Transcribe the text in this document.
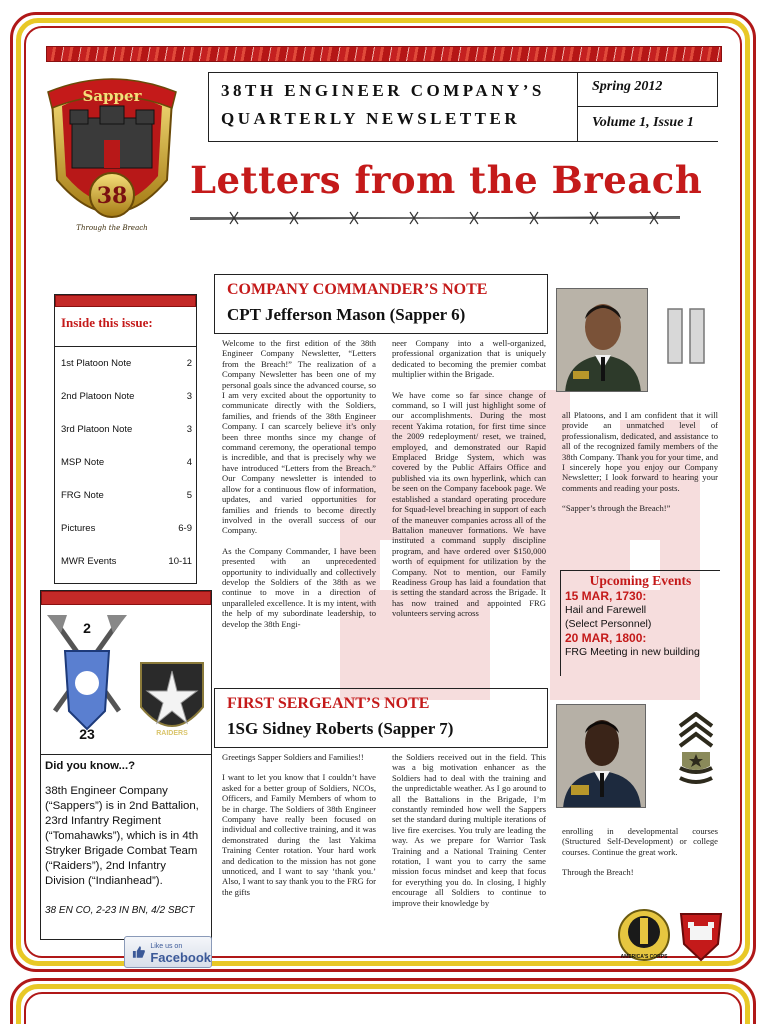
Sapper
38
Through the Breach
38TH ENGINEER COMPANY’S
QUARTERLY NEWSLETTER
Spring 2012
Volume 1, Issue 1
Letters from the Breach
Inside this issue:
1st Platoon Note	2
2nd Platoon Note	3
3rd Platoon Note	3
MSP Note	4
FRG Note	5
Pictures	6-9
MWR Events	10-11
2
23	RAIDERS

Did you know...?

38th Engineer Company (“Sappers”) is in 2nd Battalion, 23rd Infantry Regiment (“Tomahawks”), which is in 4th Stryker Brigade Combat Team (“Raiders”), 2nd Infantry Division (“Indianhead”).

38 EN CO, 2-23 IN BN, 4/2 SBCT

Like us on
Facebook
COMPANY COMMANDER’S NOTE
CPT Jefferson Mason (Sapper 6)

Welcome to the first edition of the 38th Engineer Company Newsletter, “Letters from the Breach!” The realization of a Company Newsletter has been one of my personal goals since the advanced course, so I am very excited about the opportunity to communicate directly with the Soldiers, families, and friends of the 38th Engineer Company. I can scarcely believe it’s only been three months since my change of command ceremony, the operational tempo is incredible, and that is precisely why we have introduced “Letters from the Breach.” Our Company newsletter is intended to allow for a continuous flow of information, updates, and varied opportunities for families and friends to become directly involved in the overall success of our Company.

As the Company Commander, I have been presented with an unprecedented opportunity to individually and collectively develop the Soldiers of the 38th as we continue to move in a direction of unparalleled excellence. It is my intent, with the help of my subordinate leadership, to develop the 38th Engi-

neer Company into a well-organized, professional organization that is uniquely dedicated to becoming the premier combat multiplier within the Brigade.

We have come so far since change of command, so I will just highlight some of our accomplishments. During the most recent Yakima rotation, for first time since the 2009 redeployment/ reset, we trained, employed, and demonstrated our Rapid Emplaced Bridge System, which was covered by the Public Affairs Office and published via its own hyperlink, which can be seen on the Company facebook page. We established a standard operating procedure for Squad-level breaching in support of each of the maneuver companies across all of the Battalion maneuver formations. We have instituted a command supply discipline program, and have ordered over $150,000 worth of equipment for utilization by the Company. Not to mention, our Family Readiness Group has laid a foundation that is setting the standard across the Brigade. It has now trained and appointed FRG volunteers serving across

all Platoons, and I am confident that it will provide an unmatched level of professionalism, dedicated, and assistance to all of the recognized family members of the 38th Company. Thank you for your time, and I sincerely hope you enjoy our Company Newsletter; I look forward to hearing your comments and reading your posts.

“Sapper’s through the Breach!”

Upcoming Events
15 MAR, 1730:
Hail and Farewell
(Select Personnel)
20 MAR, 1800:
FRG Meeting in new building
FIRST SERGEANT’S NOTE
1SG Sidney Roberts (Sapper 7)

Greetings Sapper Soldiers and Families!!

I want to let you know that I couldn’t have asked for a better group of Soldiers, NCOs, Officers, and Family Members of whom to be in charge. The Soldiers of 38th Engineer Company have really been focused on individual and collective training, and it was demonstrated during the last Yakima Training Center rotation. Your hard work and dedication to the mission has not gone unnoticed, and I want to say ‘thank you.’ Also, I want to say thank you to the FRG for the gifts

the Soldiers received out in the field. This was a big motivation enhancer as the Soldiers had to deal with the training and the unpredictable weather. As I go around to all the Battalions in the Brigade, I’m constantly reminded how well the Sappers set the standard during multiple iterations of live fire exercises. You truly are leading the way. As we prepare for Warrior Task Training and a National Training Center rotation, I want you to carry the same mission focus mindset and keep that focus for everything you do. In closing, I highly encourage all Soldiers to continue to improve their knowledge by

enrolling in developmental courses (Structured Self-Development) or college courses. Continue the great work.

Through the Breach!

AMERICA’S CORPS
